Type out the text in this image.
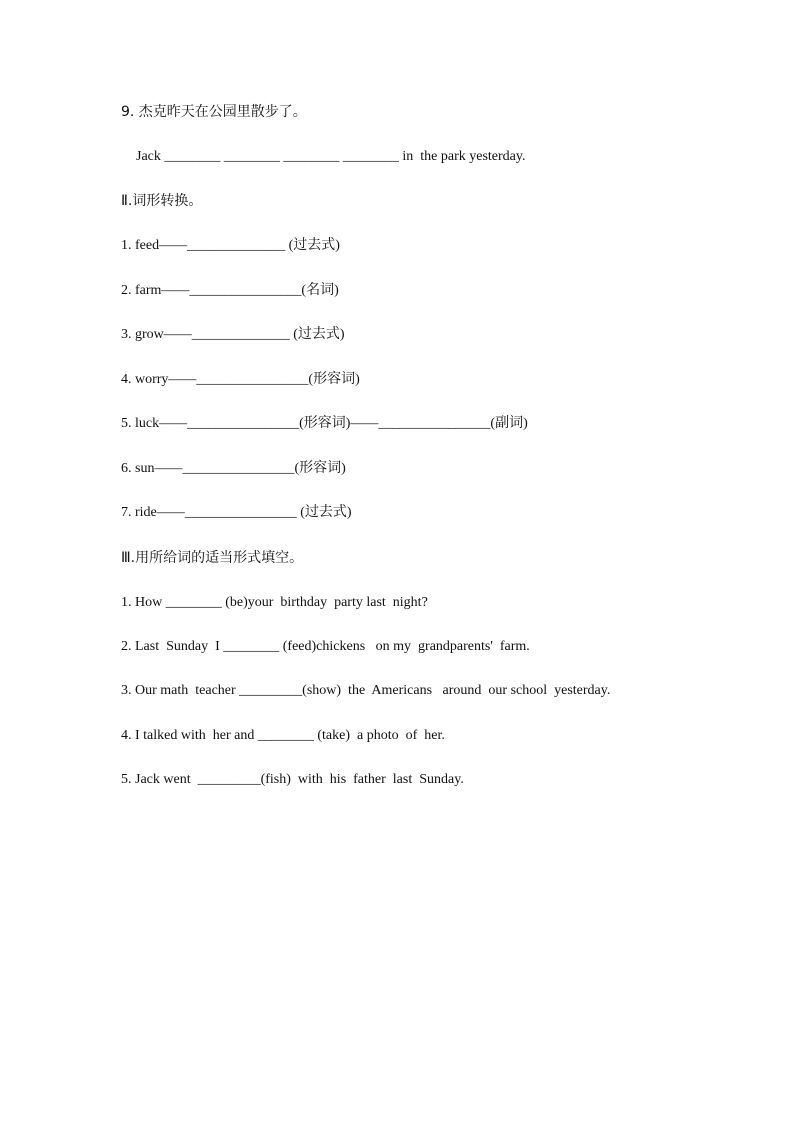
9. 杰克昨天在公园里散步了。
Jack ________ ________ ________ ________ in  the park yesterday.
Ⅱ.词形转换。
1. feed——______________ (过去式)
2. farm——________________(名词)
3. grow——______________ (过去式)
4. worry——________________(形容词)
5. luck——________________(形容词)——________________(副词)
6. sun——________________(形容词)
7. ride——________________ (过去式)
Ⅲ.用所给词的适当形式填空。
1. How ________ (be)your  birthday  party last  night?
2. Last  Sunday  I ________ (feed)chickens   on my  grandparents'  farm.
3. Our math  teacher _________(show)  the  Americans   around  our school  yesterday.
4. I talked with  her and ________ (take)  a photo  of  her.
5. Jack went  _________(fish)  with  his  father  last  Sunday.
